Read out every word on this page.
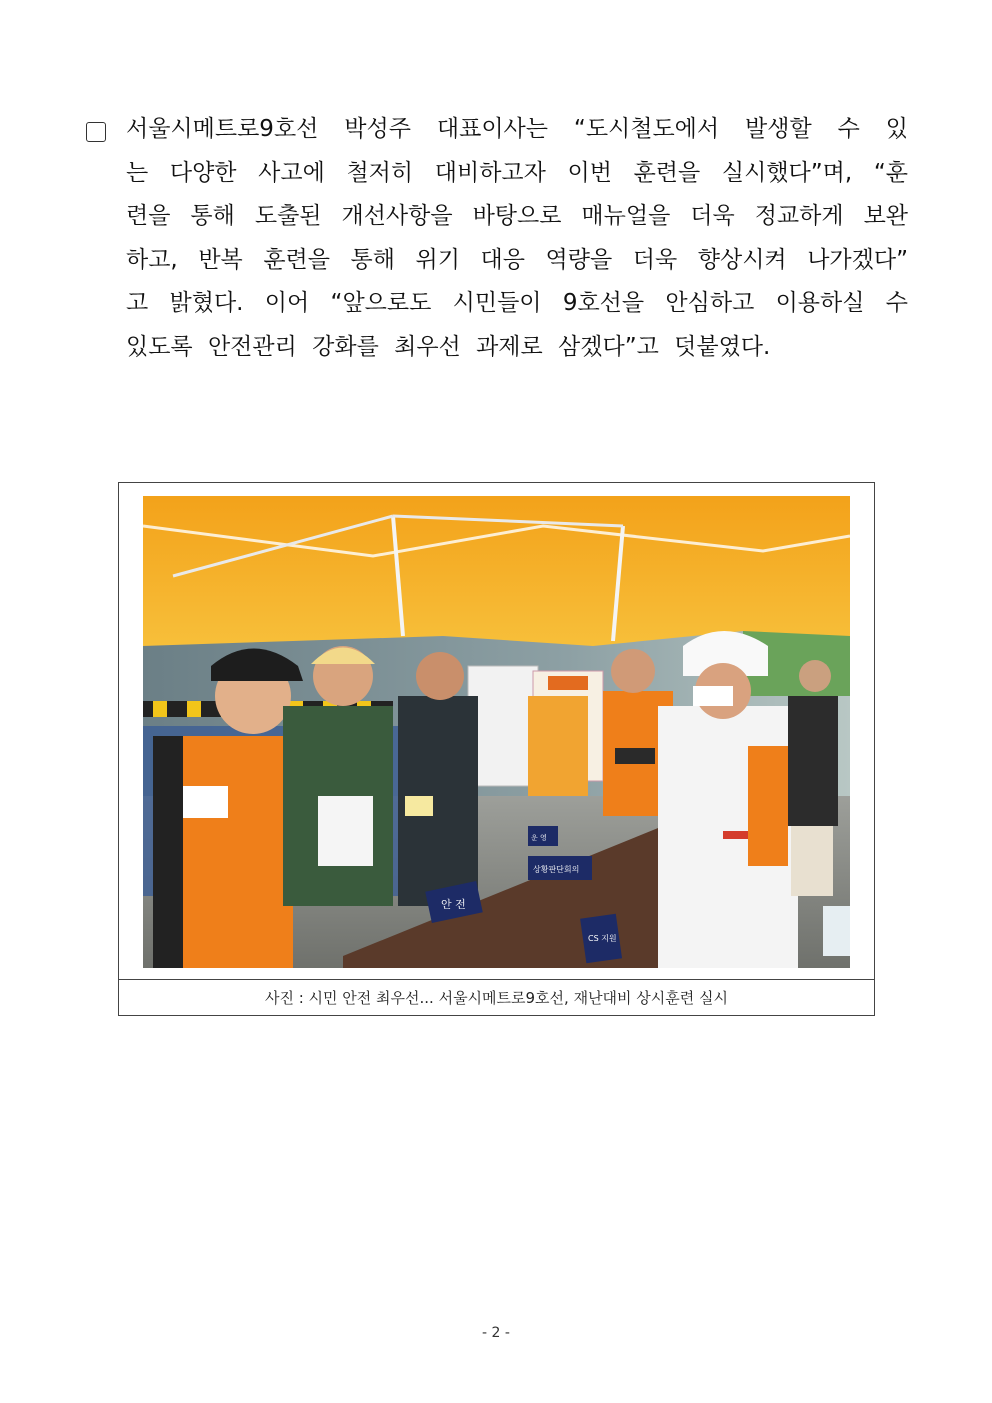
서울시메트로9호선 박성주 대표이사는 “도시철도에서 발생할 수 있
는 다양한 사고에 철저히 대비하고자 이번 훈련을 실시했다”며, “훈
련을 통해 도출된 개선사항을 바탕으로 매뉴얼을 더욱 정교하게 보완
하고, 반복 훈련을 통해 위기 대응 역량을 더욱 향상시켜 나가겠다”
고 밝혔다. 이어 “앞으로도 시민들이 9호선을 안심하고 이용하실 수
있도록 안전관리 강화를 최우선 과제로 삼겠다”고 덧붙였다.
안 전
상황판단회의
운 영
CS 지원
사진 : 시민 안전 최우선... 서울시메트로9호선, 재난대비 상시훈련 실시
- 2 -
